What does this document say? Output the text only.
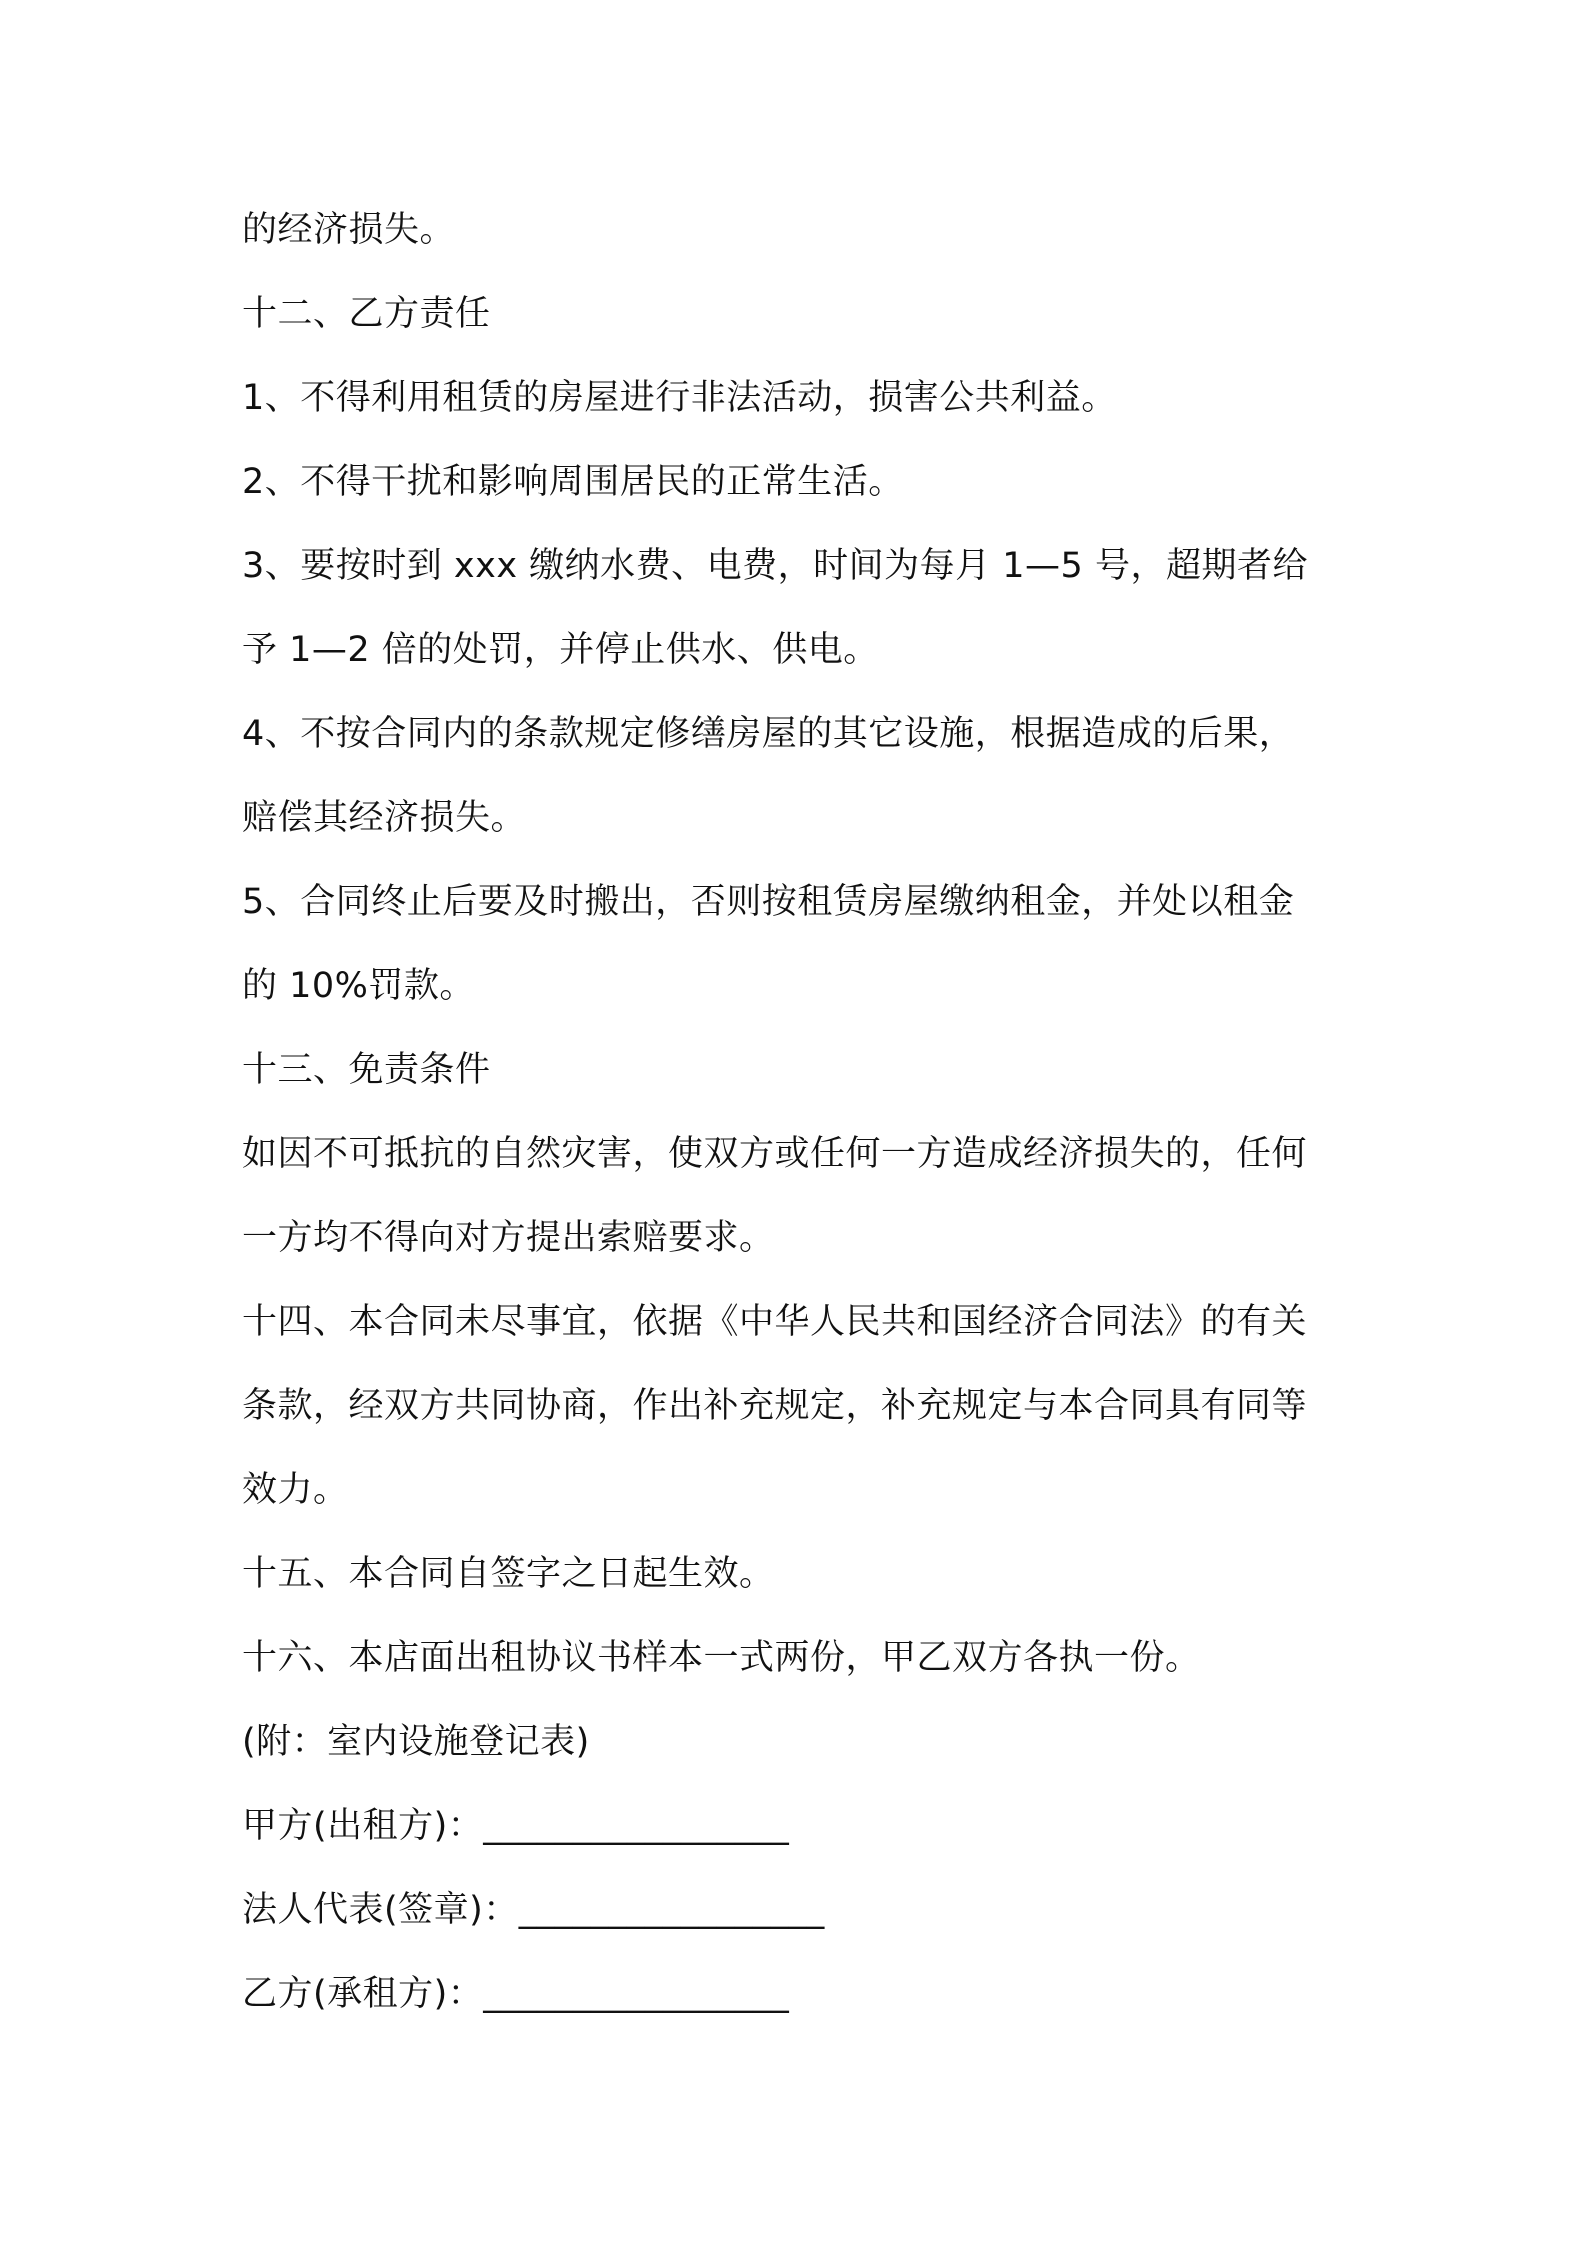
的经济损失。
十二、乙方责任
1、不得利用租赁的房屋进行非法活动，损害公共利益。
2、不得干扰和影响周围居民的正常生活。
3、要按时到 xxx 缴纳水费、电费，时间为每月 1—5 号，超期者给
予 1—2 倍的处罚，并停止供水、供电。
4、不按合同内的条款规定修缮房屋的其它设施，根据造成的后果，
赔偿其经济损失。
5、合同终止后要及时搬出，否则按租赁房屋缴纳租金，并处以租金
的 10%罚款。
十三、免责条件
如因不可抵抗的自然灾害，使双方或任何一方造成经济损失的，任何
一方均不得向对方提出索赔要求。
十四、本合同未尽事宜，依据《中华人民共和国经济合同法》的有关
条款，经双方共同协商，作出补充规定，补充规定与本合同具有同等
效力。
十五、本合同自签字之日起生效。
十六、本店面出租协议书样本一式两份，甲乙双方各执一份。
(附：室内设施登记表)
甲方(出租方)：_________________
法人代表(签章)：_________________
乙方(承租方)：_________________
